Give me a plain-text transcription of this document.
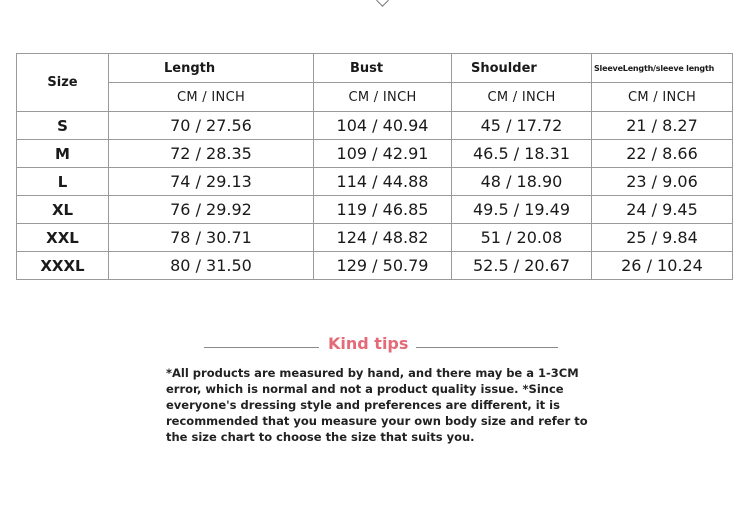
Size	Length	Bust	Shoulder	SleeveLength/sleeve length
	CM / INCH	CM / INCH	CM / INCH	CM / INCH
S	70 / 27.56	104 / 40.94	45 / 17.72	21 / 8.27
M	72 / 28.35	109 / 42.91	46.5 / 18.31	22 / 8.66
L	74 / 29.13	114 / 44.88	48 / 18.90	23 / 9.06
XL	76 / 29.92	119 / 46.85	49.5 / 19.49	24 / 9.45
XXL	78 / 30.71	124 / 48.82	51 / 20.08	25 / 9.84
XXXL	80 / 31.50	129 / 50.79	52.5 / 20.67	26 / 10.24
Kind tips
*All products are measured by hand, and there may be a 1-3CM error, which is normal and not a product quality issue. *Since everyone's dressing style and preferences are different, it is recommended that you measure your own body size and refer to the size chart to choose the size that suits you.
